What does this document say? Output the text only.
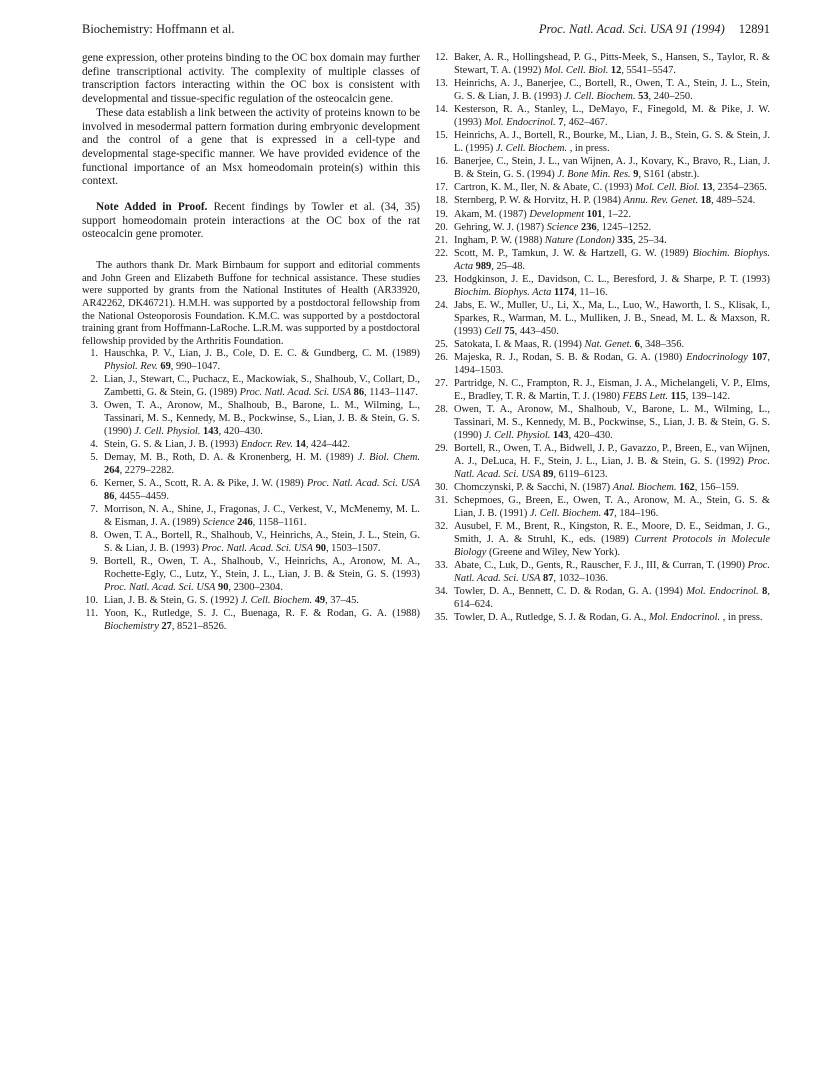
Biochemistry: Hoffmann et al.	Proc. Natl. Acad. Sci. USA 91 (1994) 12891

gene expression, other proteins binding to the OC box domain may further define transcriptional activity. The complexity of multiple classes of transcription factors interacting within the OC box is consistent with developmental and tissue-specific regulation of the osteocalcin gene.

These data establish a link between the activity of proteins known to be involved in mesodermal pattern formation during embryonic development and the control of a gene that is expressed in a cell-type and developmental stage-specific manner. We have provided evidence of the functional importance of an Msx homeodomain protein(s) within this context.

Note Added in Proof. Recent findings by Towler et al. (34, 35) support homeodomain protein interactions at the OC box of the rat osteocalcin gene promoter.

The authors thank Dr. Mark Birnbaum for support and editorial comments and John Green and Elizabeth Buffone for technical assistance. These studies were supported by grants from the National Institutes of Health (AR33920, AR42262, DK46721). H.M.H. was supported by a postdoctoral fellowship from the National Osteoporosis Foundation. K.M.C. was supported by a postdoctoral training grant from Hoffmann-LaRoche. L.R.M. was supported by a postdoctoral fellowship provided by the Arthritis Foundation.

1. Hauschka, P. V., Lian, J. B., Cole, D. E. C. & Gundberg, C. M. (1989) Physiol. Rev. 69, 990–1047.
2. Lian, J., Stewart, C., Puchacz, E., Mackowiak, S., Shalhoub, V., Collart, D., Zambetti, G. & Stein, G. (1989) Proc. Natl. Acad. Sci. USA 86, 1143–1147.
3. Owen, T. A., Aronow, M., Shalhoub, B., Barone, L. M., Wilming, L., Tassinari, M. S., Kennedy, M. B., Pockwinse, S., Lian, J. B. & Stein, G. S. (1990) J. Cell. Physiol. 143, 420–430.
4. Stein, G. S. & Lian, J. B. (1993) Endocr. Rev. 14, 424–442.
5. Demay, M. B., Roth, D. A. & Kronenberg, H. M. (1989) J. Biol. Chem. 264, 2279–2282.
6. Kerner, S. A., Scott, R. A. & Pike, J. W. (1989) Proc. Natl. Acad. Sci. USA 86, 4455–4459.
7. Morrison, N. A., Shine, J., Fragonas, J. C., Verkest, V., McMenemy, M. L. & Eisman, J. A. (1989) Science 246, 1158–1161.
8. Owen, T. A., Bortell, R., Shalhoub, V., Heinrichs, A., Stein, J. L., Stein, G. S. & Lian, J. B. (1993) Proc. Natl. Acad. Sci. USA 90, 1503–1507.
9. Bortell, R., Owen, T. A., Shalhoub, V., Heinrichs, A., Aronow, M. A., Rochette-Egly, C., Lutz, Y., Stein, J. L., Lian, J. B. & Stein, G. S. (1993) Proc. Natl. Acad. Sci. USA 90, 2300–2304.
10. Lian, J. B. & Stein, G. S. (1992) J. Cell. Biochem. 49, 37–45.
11. Yoon, K., Rutledge, S. J. C., Buenaga, R. F. & Rodan, G. A. (1988) Biochemistry 27, 8521–8526.
12. Baker, A. R., Hollingshead, P. G., Pitts-Meek, S., Hansen, S., Taylor, R. & Stewart, T. A. (1992) Mol. Cell. Biol. 12, 5541–5547.
13. Heinrichs, A. J., Banerjee, C., Bortell, R., Owen, T. A., Stein, J. L., Stein, G. S. & Lian, J. B. (1993) J. Cell. Biochem. 53, 240–250.
14. Kesterson, R. A., Stanley, L., DeMayo, F., Finegold, M. & Pike, J. W. (1993) Mol. Endocrinol. 7, 462–467.
15. Heinrichs, A. J., Bortell, R., Bourke, M., Lian, J. B., Stein, G. S. & Stein, J. L. (1995) J. Cell. Biochem. , in press.
16. Banerjee, C., Stein, J. L., van Wijnen, A. J., Kovary, K., Bravo, R., Lian, J. B. & Stein, G. S. (1994) J. Bone Min. Res. 9, S161 (abstr.).
17. Cartron, K. M., Iler, N. & Abate, C. (1993) Mol. Cell. Biol. 13, 2354–2365.
18. Sternberg, P. W. & Horvitz, H. P. (1984) Annu. Rev. Genet. 18, 489–524.
19. Akam, M. (1987) Development 101, 1–22.
20. Gehring, W. J. (1987) Science 236, 1245–1252.
21. Ingham, P. W. (1988) Nature (London) 335, 25–34.
22. Scott, M. P., Tamkun, J. W. & Hartzell, G. W. (1989) Biochim. Biophys. Acta 989, 25–48.
23. Hodgkinson, J. E., Davidson, C. L., Beresford, J. & Sharpe, P. T. (1993) Biochim. Biophys. Acta 1174, 11–16.
24. Jabs, E. W., Muller, U., Li, X., Ma, L., Luo, W., Haworth, I. S., Klisak, I., Sparkes, R., Warman, M. L., Mulliken, J. B., Snead, M. L. & Maxson, R. (1993) Cell 75, 443–450.
25. Satokata, I. & Maas, R. (1994) Nat. Genet. 6, 348–356.
26. Majeska, R. J., Rodan, S. B. & Rodan, G. A. (1980) Endocrinology 107, 1494–1503.
27. Partridge, N. C., Frampton, R. J., Eisman, J. A., Michelangeli, V. P., Elms, E., Bradley, T. R. & Martin, T. J. (1980) FEBS Lett. 115, 139–142.
28. Owen, T. A., Aronow, M., Shalhoub, V., Barone, L. M., Wilming, L., Tassinari, M. S., Kennedy, M. B., Pockwinse, S., Lian, J. B. & Stein, G. S. (1990) J. Cell. Physiol. 143, 420–430.
29. Bortell, R., Owen, T. A., Bidwell, J. P., Gavazzo, P., Breen, E., van Wijnen, A. J., DeLuca, H. F., Stein, J. L., Lian, J. B. & Stein, G. S. (1992) Proc. Natl. Acad. Sci. USA 89, 6119–6123.
30. Chomczynski, P. & Sacchi, N. (1987) Anal. Biochem. 162, 156–159.
31. Schepmoes, G., Breen, E., Owen, T. A., Aronow, M. A., Stein, G. S. & Lian, J. B. (1991) J. Cell. Biochem. 47, 184–196.
32. Ausubel, F. M., Brent, R., Kingston, R. E., Moore, D. E., Seidman, J. G., Smith, J. A. & Struhl, K., eds. (1989) Current Protocols in Molecule Biology (Greene and Wiley, New York).
33. Abate, C., Luk, D., Gents, R., Rauscher, F. J., III, & Curran, T. (1990) Proc. Natl. Acad. Sci. USA 87, 1032–1036.
34. Towler, D. A., Bennett, C. D. & Rodan, G. A. (1994) Mol. Endocrinol. 8, 614–624.
35. Towler, D. A., Rutledge, S. J. & Rodan, G. A., Mol. Endocrinol. , in press.
